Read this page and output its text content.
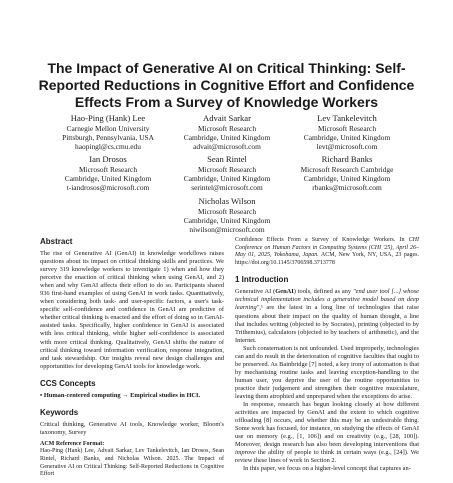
The Impact of Generative AI on Critical Thinking: Self-Reported Reductions in Cognitive Effort and Confidence Effects From a Survey of Knowledge Workers
Hao-Ping (Hank) Lee
Carnegie Mellon University
Pittsburgh, Pennsylvania, USA
haopingl@cs.cmu.edu
Advait Sarkar
Microsoft Research
Cambridge, United Kingdom
advait@microsoft.com
Lev Tankelevitch
Microsoft Research
Cambridge, United Kingdom
levt@microsoft.com
Ian Drosos
Microsoft Research
Cambridge, United Kingdom
t-iandrosos@microsoft.com
Sean Rintel
Microsoft Research
Cambridge, United Kingdom
serintel@microsoft.com
Richard Banks
Microsoft Research Cambridge
Cambridge, United Kingdom
rbanks@microsoft.com
Nicholas Wilson
Microsoft Research
Cambridge, United Kingdom
niwilson@microsoft.com
Abstract

The rise of Generative AI (GenAI) in knowledge workflows raises questions about its impact on critical thinking skills and practices. We survey 319 knowledge workers to investigate 1) when and how they perceive the enaction of critical thinking when using GenAI, and 2) when and why GenAI affects their effort to do so. Participants shared 936 first-hand examples of using GenAI in work tasks. Quantitatively, when considering both task- and user-specific factors, a user's task-specific self-confidence and confidence in GenAI are predictive of whether critical thinking is enacted and the effort of doing so in GenAI-assisted tasks. Specifically, higher confidence in GenAI is associated with less critical thinking, while higher self-confidence is associated with more critical thinking. Qualitatively, GenAI shifts the nature of critical thinking toward information verification, response integration, and task stewardship. Our insights reveal new design challenges and opportunities for developing GenAI tools for knowledge work.

CCS Concepts

• Human-centered computing → Empirical studies in HCI.

Keywords

Critical thinking, Generative AI tools, Knowledge worker, Bloom's taxonomy, Survey

ACM Reference Format:

Hao-Ping (Hank) Lee, Advait Sarkar, Lev Tankelevitch, Ian Drosos, Sean Rintel, Richard Banks, and Nicholas Wilson. 2025. The Impact of Generative AI on Critical Thinking: Self-Reported Reductions in Cognitive Effort

Confidence Effects From a Survey of Knowledge Workers. In CHI Conference on Human Factors in Computing Systems (CHI '25), April 26–May 01, 2025, Yokohama, Japan. ACM, New York, NY, USA, 23 pages. https://doi.org/10.1145/3706598.3713778

1 Introduction

Generative AI (GenAI) tools, defined as any "end user tool [...] whose technical implementation includes a generative model based on deep learning",¹ are the latest in a long line of technologies that raise questions about their impact on the quality of human thought, a line that includes writing (objected to by Socrates), printing (objected to by Trithemius), calculators (objected to by teachers of arithmetic), and the Internet.

Such consternation is not unfounded. Used improperly, technologies can and do result in the deterioration of cognitive faculties that ought to be preserved. As Bainbridge [7] noted, a key irony of automation is that by mechanising routine tasks and leaving exception-handling to the human user, you deprive the user of the routine opportunities to practice their judgement and strengthen their cognitive musculature, leaving them atrophied and unprepared when the exceptions do arise.

In response, research has begun looking closely at how different activities are impacted by GenAI and the extent to which cognitive offloading [8] occurs, and whether this may be an undesirable thing. Some work has focused, for instance, on studying the effects of GenAI use on memory (e.g., [1, 106]) and on creativity (e.g., [28, 100]). Moreover, design research has also been developing interventions that improve the ability of people to think in certain ways (e.g., [24]). We review these lines of work in Section 2.

In this paper, we focus on a higher-level concept that captures an-
